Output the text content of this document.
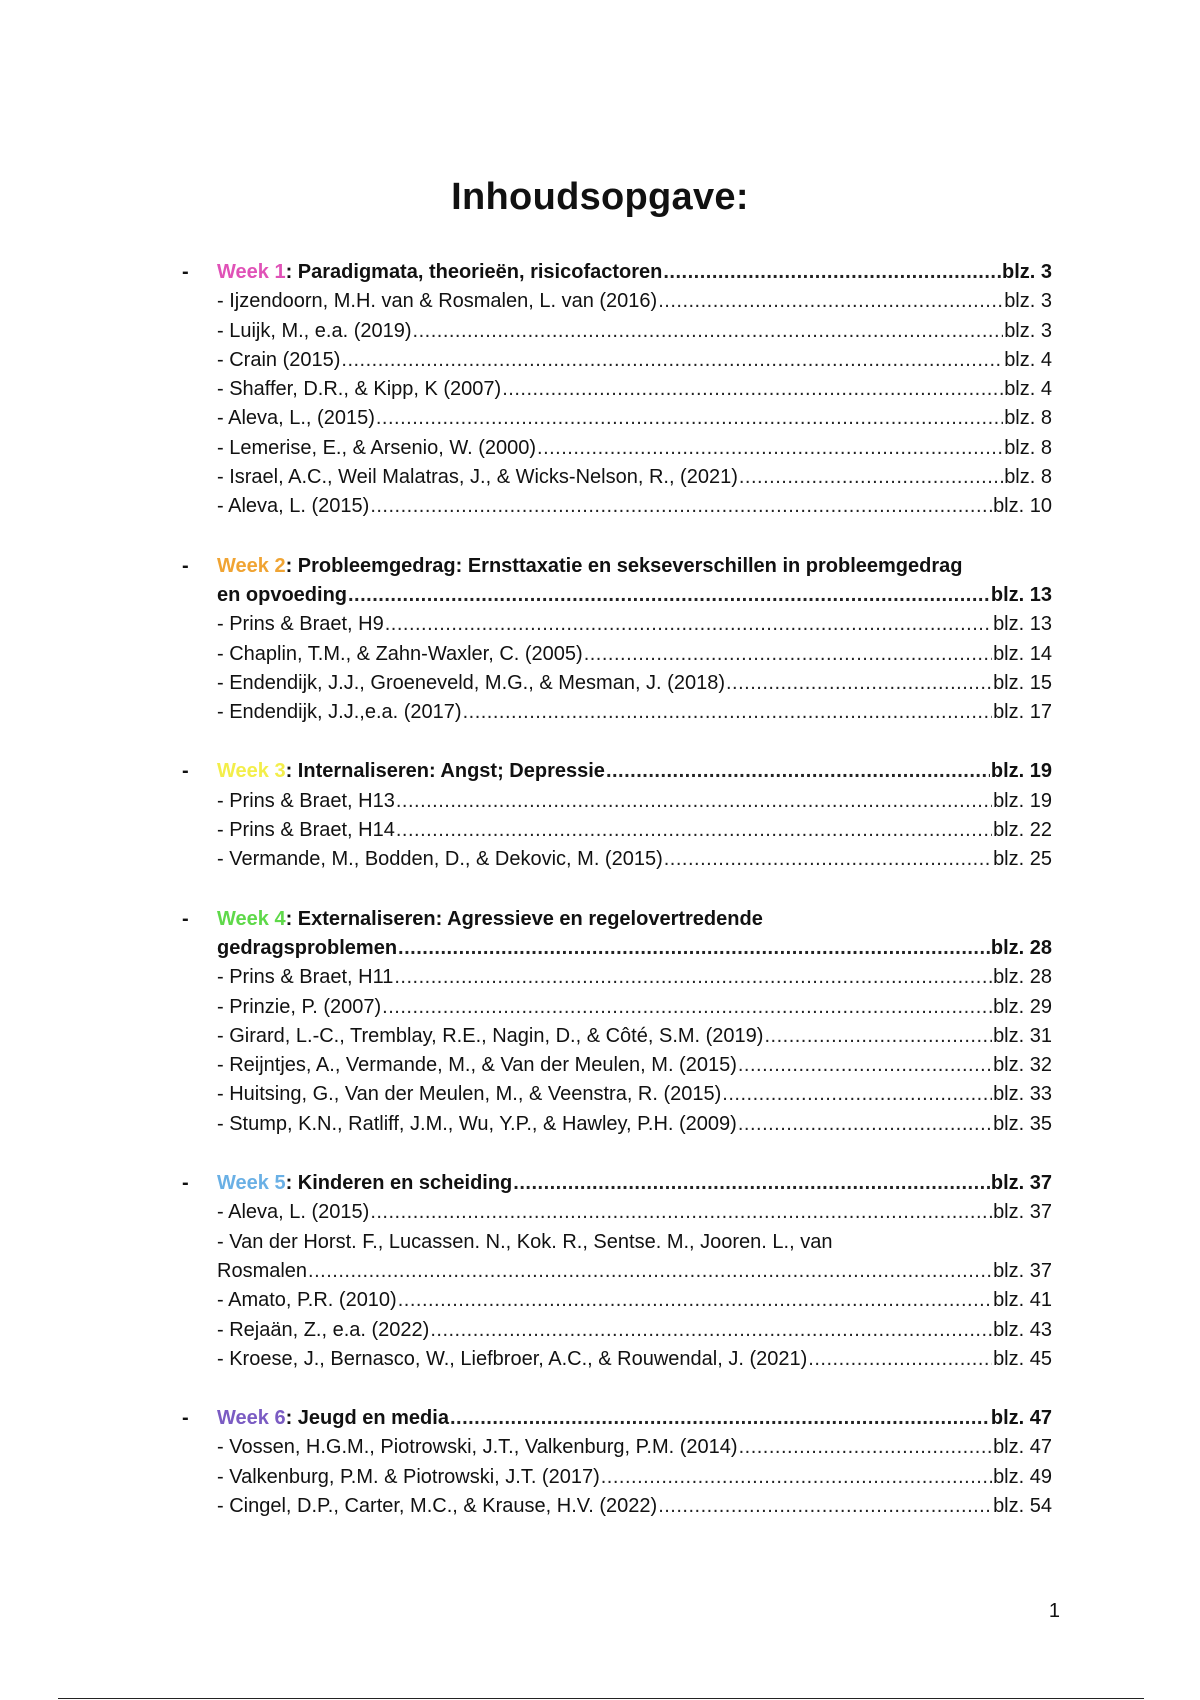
Inhoudsopgave:
-	Week 1 : Paradigmata, theorieën, risicofactoren .....	blz. 3
- Ijzendoorn, M.H. van & Rosmalen, L. van (2016) .....	blz. 3
- Luijk, M., e.a. (2019) .....	blz. 3
- Crain (2015) .....	blz. 4
- Shaffer, D.R., & Kipp, K (2007) .....	blz. 4
- Aleva, L., (2015) .....	blz. 8
- Lemerise, E., & Arsenio, W. (2000) .....	blz. 8
- Israel, A.C., Weil Malatras, J., & Wicks-Nelson, R., (2021) .....	blz. 8
- Aleva, L. (2015) .....	blz. 10
-	Week 2 : Probleemgedrag: Ernsttaxatie en sekseverschillen in probleemgedrag
en opvoeding .....	blz. 13
- Prins & Braet, H9 .....	blz. 13
- Chaplin, T.M., & Zahn-Waxler, C. (2005) .....	blz. 14
- Endendijk, J.J., Groeneveld, M.G., & Mesman, J. (2018) .....	blz. 15
- Endendijk, J.J.,e.a. (2017) .....	blz. 17
-	Week 3 : Internaliseren: Angst; Depressie .....	blz. 19
- Prins & Braet, H13 .....	blz. 19
- Prins & Braet, H14 .....	blz. 22
- Vermande, M., Bodden, D., & Dekovic, M. (2015) .....	blz. 25
-	Week 4 : Externaliseren: Agressieve en regelovertredende
gedragsproblemen .....	blz. 28
- Prins & Braet, H11 .....	blz. 28
- Prinzie, P. (2007) .....	blz. 29
- Girard, L.-C., Tremblay, R.E., Nagin, D., & Côté, S.M. (2019) .....	blz. 31
- Reijntjes, A., Vermande, M., & Van der Meulen, M. (2015) .....	blz. 32
- Huitsing, G., Van der Meulen, M., & Veenstra, R. (2015) .....	blz. 33
- Stump, K.N., Ratliff, J.M., Wu, Y.P., & Hawley, P.H. (2009) .....	blz. 35
-	Week 5 : Kinderen en scheiding .....	blz. 37
- Aleva, L. (2015) .....	blz. 37
- Van der Horst. F., Lucassen. N., Kok. R., Sentse. M., Jooren. L., van
Rosmalen .....	blz. 37
- Amato, P.R. (2010) .....	blz. 41
- Rejaän, Z., e.a. (2022) .....	blz. 43
- Kroese, J., Bernasco, W., Liefbroer, A.C., & Rouwendal, J. (2021) .....	blz. 45
-	Week 6 : Jeugd en media .....	blz. 47
- Vossen, H.G.M., Piotrowski, J.T., Valkenburg, P.M. (2014) .....	blz. 47
- Valkenburg, P.M. & Piotrowski, J.T. (2017) .....	blz. 49
- Cingel, D.P., Carter, M.C., & Krause, H.V. (2022) .....	blz. 54
1
